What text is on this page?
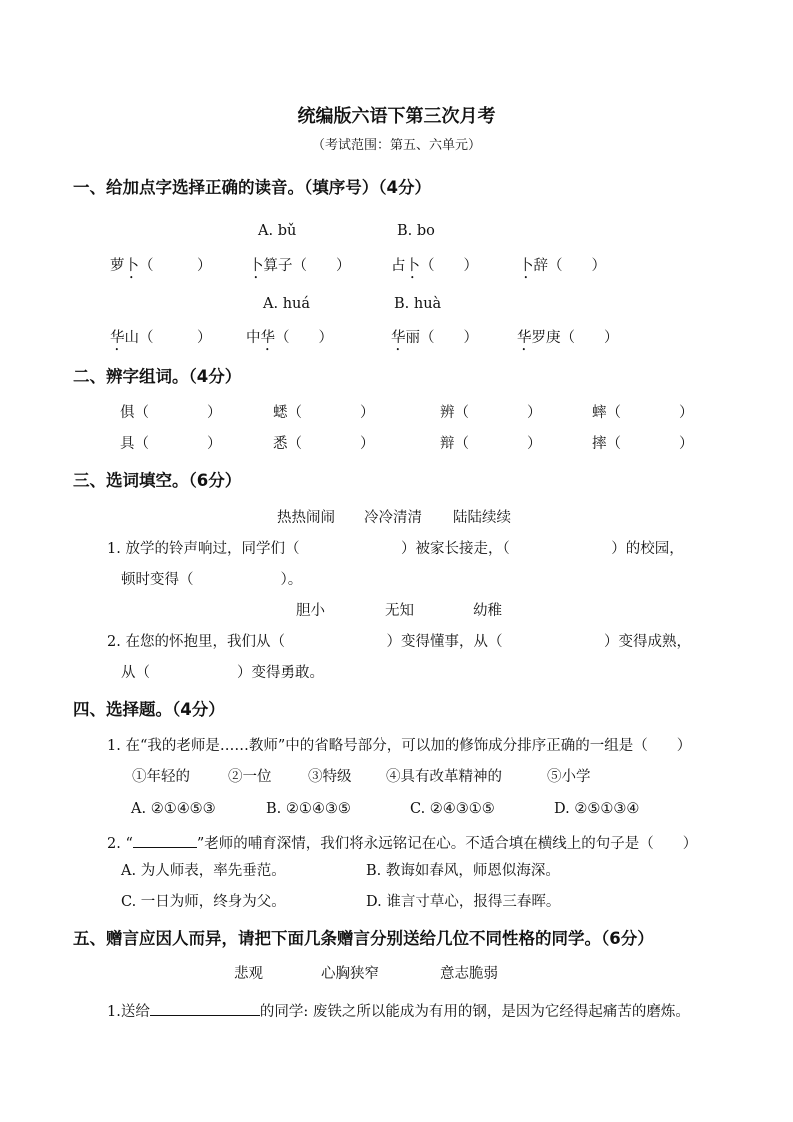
统编版六语下第三次月考
（考试范围：第五、六单元）
一、给加点字选择正确的读音。（填序号）（4分）
A. bǔ	B. bo
萝卜（　　　）	卜算子（　　）	占卜（　　）	卜辞（　　）
A. huá	B. huà
华山（　　　） 中华（　　）	华丽（　　）	华罗庚（　　）
二、辨字组词。（4分）
俱（　　　　）	蟋（　　　　）	辨（　　　　）	蟀（　　　　）
具（　　　　）	悉（　　　　）	辩（　　　　）	摔（　　　　）
三、选词填空。（6分）
热热闹闹 冷冷清清 陆陆续续
1. 放学的铃声响过，同学们（　　　　　　　）被家长接走，（　　　　　　　）的校园，
顿时变得（　　　　　　）。
胆小	无知	幼稚
2. 在您的怀抱里，我们从（　　　　　　　）变得懂事，从（　　　　　　　）变得成熟，
从（　　　　　　）变得勇敢。
四、选择题。（4分）
1. 在“我的老师是……教师”中的省略号部分，可以加的修饰成分排序正确的一组是（　　）
①年轻的	②一位	③特级 ④具有改革精神的	⑤小学
A. ②①④⑤③	B. ②①④③⑤	C. ②④③①⑤	D. ②⑤①③④
2. “	”老师的哺育深情，我们将永远铭记在心。不适合填在横线上的句子是（　　）
A. 为人师表，率先垂范。	B. 教诲如春风，师恩似海深。
C. 一日为师，终身为父。	D. 谁言寸草心，报得三春晖。
五、赠言应因人而异，请把下面几条赠言分别送给几位不同性格的同学。（6分）
悲观	心胸狭窄	意志脆弱
1.送给	的同学: 废铁之所以能成为有用的钢，是因为它经得起痛苦的磨炼。
